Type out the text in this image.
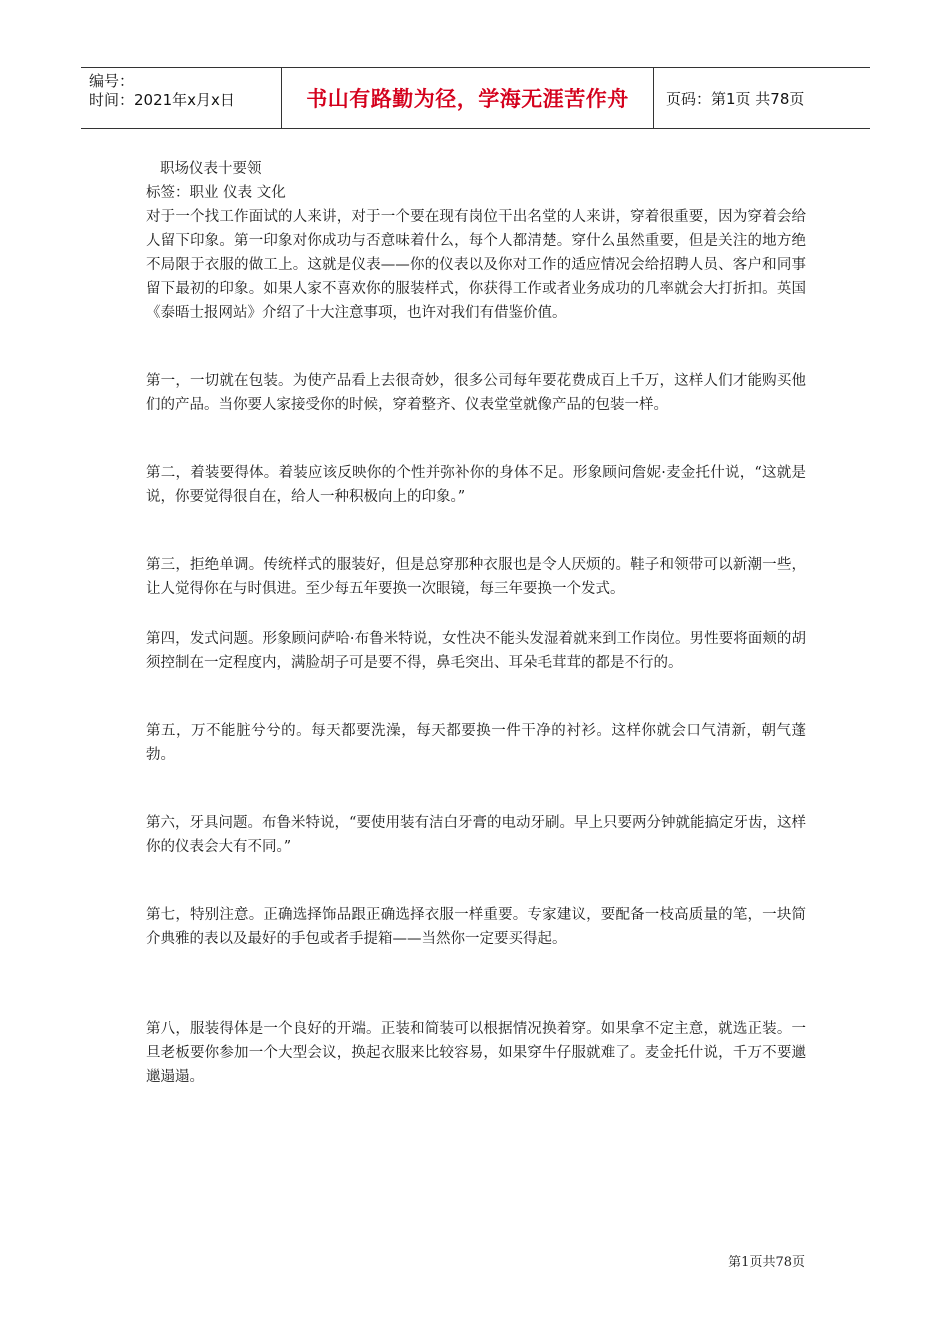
编号：
时间：2021年x月x日	书山有路勤为径，学海无涯苦作舟	页码：第1页 共78页

职场仪表十要领

标签：职业 仪表 文化

对于一个找工作面试的人来讲，对于一个要在现有岗位干出名堂的人来讲，穿着很重要，因为穿着会给人留下印象。第一印象对你成功与否意味着什么，每个人都清楚。穿什么虽然重要，但是关注的地方绝不局限于衣服的做工上。这就是仪表——你的仪表以及你对工作的适应情况会给招聘人员、客户和同事留下最初的印象。如果人家不喜欢你的服装样式，你获得工作或者业务成功的几率就会大打折扣。英国《泰晤士报网站》介绍了十大注意事项，也许对我们有借鉴价值。

第一，一切就在包装。为使产品看上去很奇妙，很多公司每年要花费成百上千万，这样人们才能购买他们的产品。当你要人家接受你的时候，穿着整齐、仪表堂堂就像产品的包装一样。

第二，着装要得体。着装应该反映你的个性并弥补你的身体不足。形象顾问詹妮·麦金托什说，“这就是说，你要觉得很自在，给人一种积极向上的印象。”

第三，拒绝单调。传统样式的服装好，但是总穿那种衣服也是令人厌烦的。鞋子和领带可以新潮一些，让人觉得你在与时俱进。至少每五年要换一次眼镜，每三年要换一个发式。

第四，发式问题。形象顾问萨哈·布鲁米特说，女性决不能头发湿着就来到工作岗位。男性要将面颊的胡须控制在一定程度内，满脸胡子可是要不得，鼻毛突出、耳朵毛茸茸的都是不行的。

第五，万不能脏兮兮的。每天都要洗澡，每天都要换一件干净的衬衫。这样你就会口气清新，朝气蓬勃。

第六，牙具问题。布鲁米特说，“要使用装有洁白牙膏的电动牙刷。早上只要两分钟就能搞定牙齿，这样你的仪表会大有不同。”

第七，特别注意。正确选择饰品跟正确选择衣服一样重要。专家建议，要配备一枝高质量的笔，一块简介典雅的表以及最好的手包或者手提箱——当然你一定要买得起。

第八，服装得体是一个良好的开端。正装和简装可以根据情况换着穿。如果拿不定主意，就选正装。一旦老板要你参加一个大型会议，换起衣服来比较容易，如果穿牛仔服就难了。麦金托什说，千万不要邋邋遢遢。

第1页共78页
